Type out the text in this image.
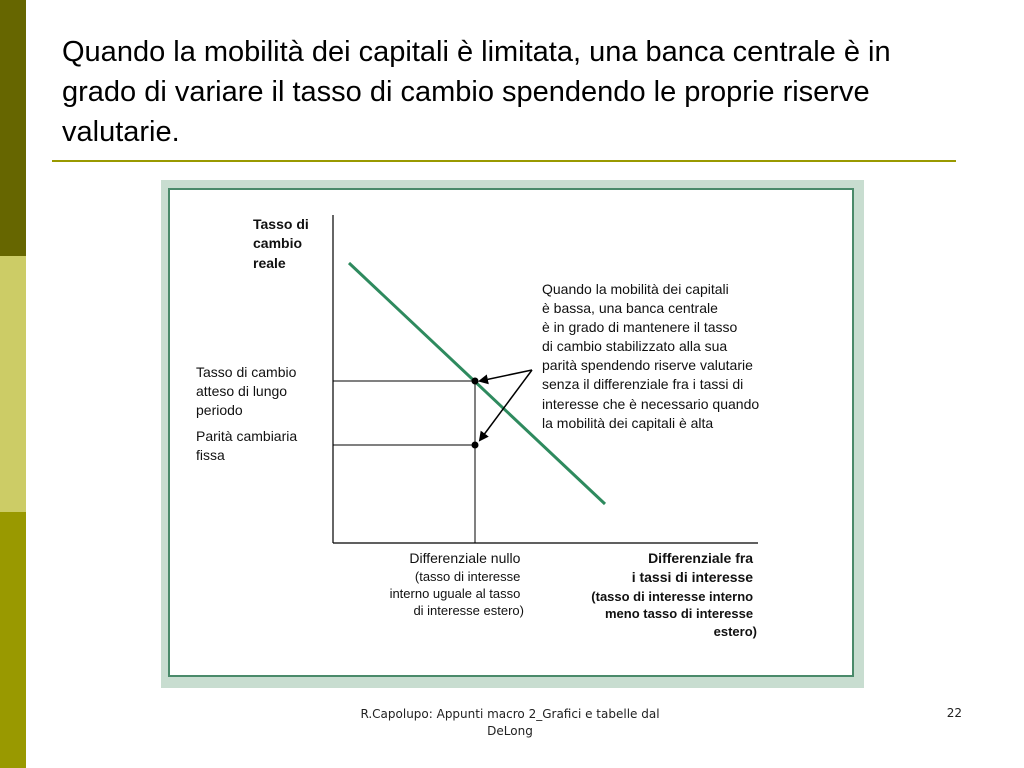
Quando la mobilità dei capitali è limitata, una banca centrale è in grado di variare il tasso di cambio spendendo le proprie riserve valutarie.
Tasso di cambio reale
Tasso di cambio atteso di lungo periodo
Parità cambiaria fissa
Quando la mobilità dei capitali è bassa, una banca centrale è in grado di mantenere il tasso di cambio stabilizzato alla sua parità spendendo riserve valutarie senza il differenziale fra i tassi di interesse che è necessario quando la mobilità dei capitali è alta
Differenziale nullo (tasso di interesse interno uguale al tasso di interesse estero)
Differenziale fra i tassi di interesse (tasso di interesse interno meno tasso di interesse estero)
R.Capolupo: Appunti macro 2_Grafici e tabelle dal DeLong
22
